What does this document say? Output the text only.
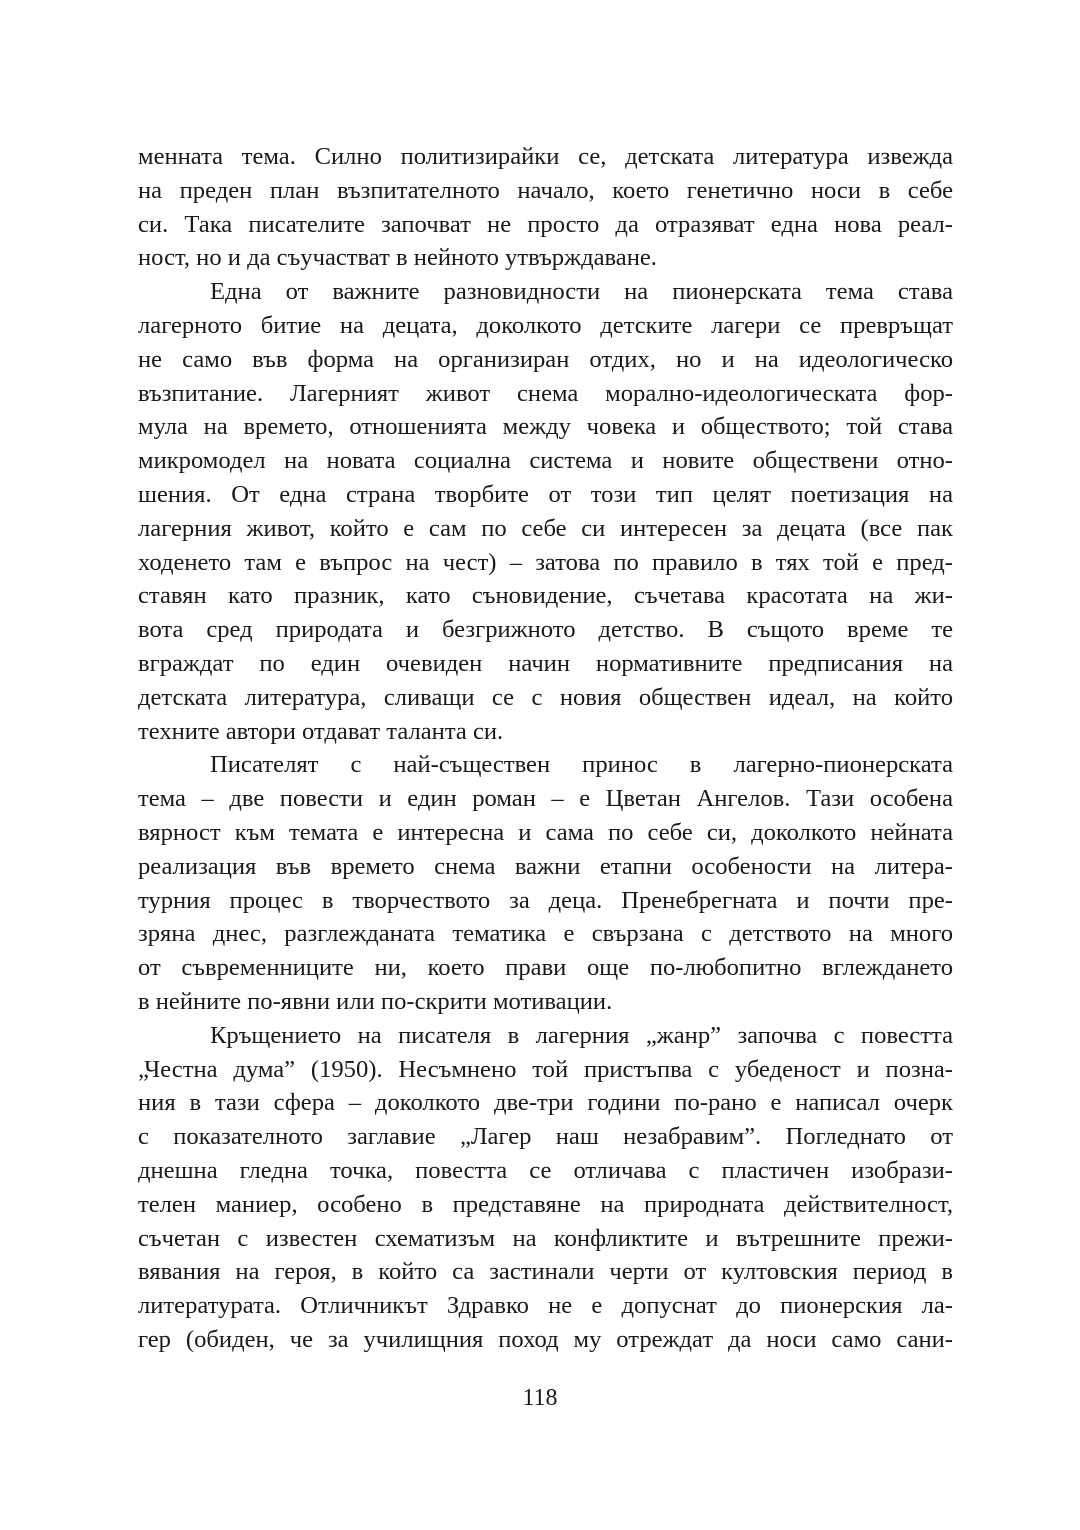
менната тема. Силно политизирайки се, детската литература извежда
на преден план възпитателното начало, което генетично носи в себе
си. Така писателите започват не просто да отразяват една нова реал-
ност, но и да съучастват в нейното утвърждаване.
Една от важните разновидности на пионерската тема става
лагерното битие на децата, доколкото детските лагери се превръщат
не само във форма на организиран отдих, но и на идеологическо
възпитание. Лагерният живот снема морално-идеологическата фор-
мула на времето, отношенията между човека и обществото; той става
микромодел на новата социална система и новите обществени отно-
шения. От една страна творбите от този тип целят поетизация на
лагерния живот, който е сам по себе си интересен за децата (все пак
ходенето там е въпрос на чест) – затова по правило в тях той е пред-
ставян като празник, като съновидение, съчетава красотата на жи-
вота сред природата и безгрижното детство. В същото време те
вграждат по един очевиден начин нормативните предписания на
детската литература, сливащи се с новия обществен идеал, на който
техните автори отдават таланта си.
Писателят с най-съществен принос в лагерно-пионерската
тема – две повести и един роман – е Цветан Ангелов. Тази особена
вярност към темата е интересна и сама по себе си, доколкото нейната
реализация във времето снема важни етапни особености на литера-
турния процес в творчеството за деца. Пренебрегната и почти пре-
зряна днес, разглежданата тематика е свързана с детството на много
от съвременниците ни, което прави още по-любопитно вглеждането
в нейните по-явни или по-скрити мотивации.
Кръщението на писателя в лагерния „жанр” започва с повестта
„Честна дума” (1950). Несъмнено той пристъпва с убеденост и позна-
ния в тази сфера – доколкото две-три години по-рано е написал очерк
с показателното заглавие „Лагер наш незабравим”. Погледнато от
днешна гледна точка, повестта се отличава с пластичен изобрази-
телен маниер, особено в представяне на природната действителност,
съчетан с известен схематизъм на конфликтите и вътрешните прежи-
вявания на героя, в който са застинали черти от култовския период в
литературата. Отличникът Здравко не е допуснат до пионерския ла-
гер (обиден, че за училищния поход му отреждат да носи само сани-
118
